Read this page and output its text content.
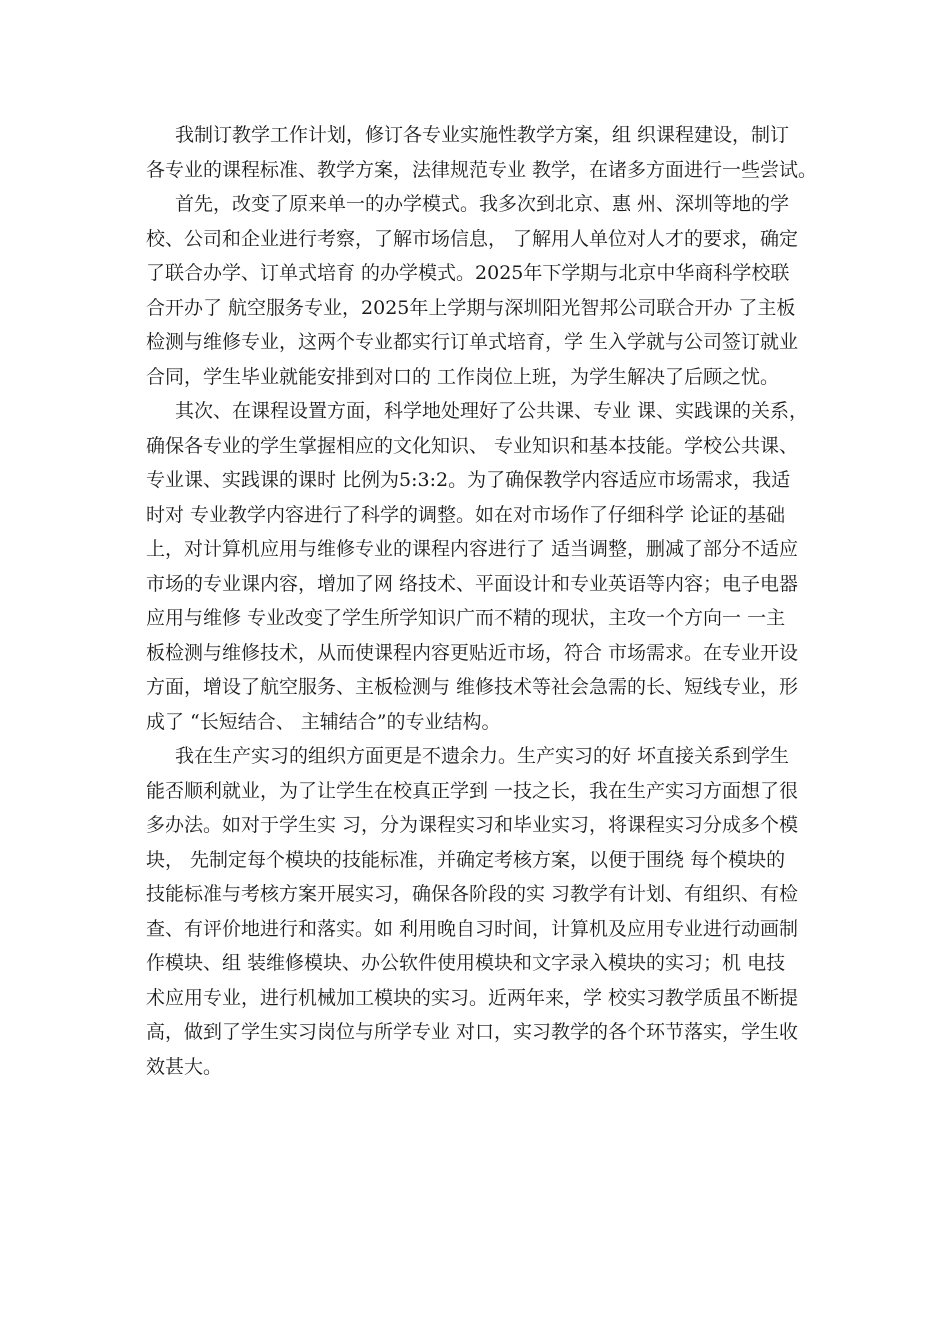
我制订教学工作计划，修订各专业实施性教学方案，组 织课程建设，制订
各专业的课程标准、教学方案，法律规范专业 教学，在诸多方面进行一些尝试。
首先，改变了原来单一的办学模式。我多次到北京、惠 州、深圳等地的学
校、公司和企业进行考察，了解市场信息， 了解用人单位对人才的要求，确定
了联合办学、订单式培育 的办学模式。2025年下学期与北京中华商科学校联
合开办了 航空服务专业，2025年上学期与深圳阳光智邦公司联合开办 了主板
检测与维修专业，这两个专业都实行订单式培育，学 生入学就与公司签订就业
合同，学生毕业就能安排到对口的 工作岗位上班，为学生解决了后顾之忧。
其次、在课程设置方面，科学地处理好了公共课、专业 课、实践课的关系，
确保各专业的学生掌握相应的文化知识、 专业知识和基本技能。学校公共课、
专业课、实践课的课时 比例为5:3:2。为了确保教学内容适应市场需求，我适
时对 专业教学内容进行了科学的调整。如在对市场作了仔细科学 论证的基础
上，对计算机应用与维修专业的课程内容进行了 适当调整，删减了部分不适应
市场的专业课内容，增加了网 络技术、平面设计和专业英语等内容；电子电器
应用与维修 专业改变了学生所学知识广而不精的现状，主攻一个方向一 一主
板检测与维修技术，从而使课程内容更贴近市场，符合 市场需求。在专业开设
方面，增设了航空服务、主板检测与 维修技术等社会急需的长、短线专业，形
成了 “长短结合、 主辅结合”的专业结构。
我在生产实习的组织方面更是不遗余力。生产实习的好 坏直接关系到学生
能否顺利就业，为了让学生在校真正学到 一技之长，我在生产实习方面想了很
多办法。如对于学生实 习，分为课程实习和毕业实习，将课程实习分成多个模
块， 先制定每个模块的技能标准，并确定考核方案，以便于围绕 每个模块的
技能标准与考核方案开展实习，确保各阶段的实 习教学有计划、有组织、有检
查、有评价地进行和落实。如 利用晚自习时间，计算机及应用专业进行动画制
作模块、组 装维修模块、办公软件使用模块和文字录入模块的实习；机 电技
术应用专业，进行机械加工模块的实习。近两年来，学 校实习教学质虽不断提
高，做到了学生实习岗位与所学专业 对口，实习教学的各个环节落实，学生收
效甚大。
